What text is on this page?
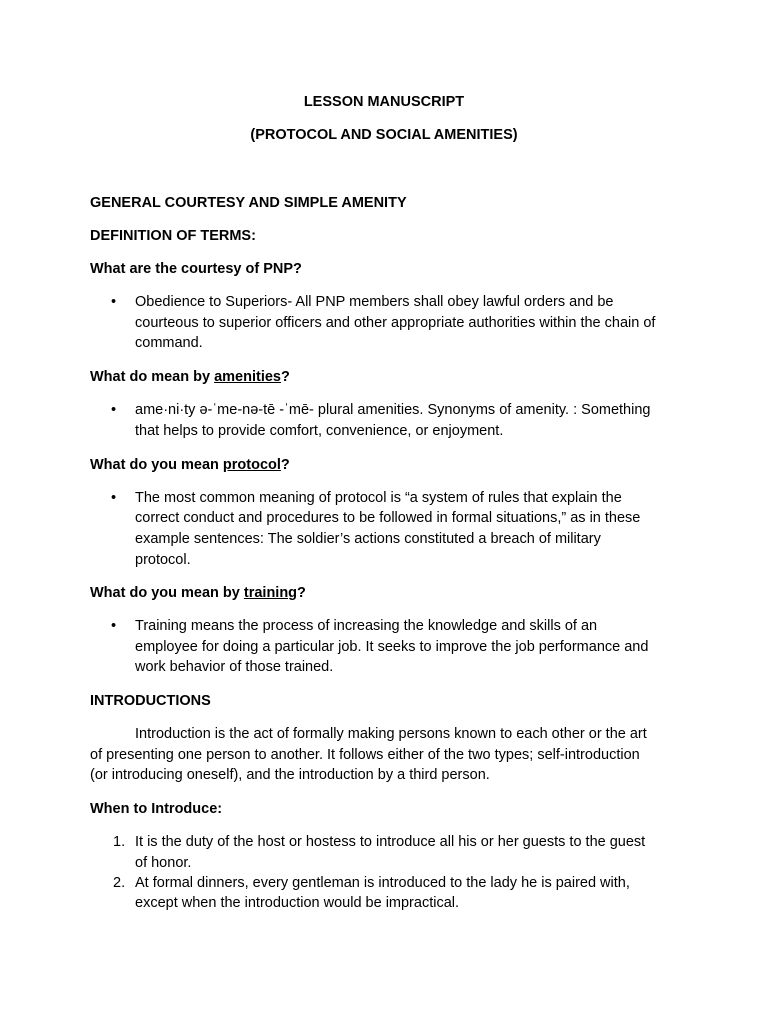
LESSON MANUSCRIPT
(PROTOCOL AND SOCIAL AMENITIES)
GENERAL COURTESY AND SIMPLE AMENITY
DEFINITION OF TERMS:
What are the courtesy of PNP?
• Obedience to Superiors- All PNP members shall obey lawful orders and be
courteous to superior officers and other appropriate authorities within the chain of
command.
What do mean by amenities?
• ame·ni·ty ə-ˈme-nə-tē -ˈmē- plural amenities. Synonyms of amenity. : Something
that helps to provide comfort, convenience, or enjoyment.
What do you mean protocol?
• The most common meaning of protocol is “a system of rules that explain the
correct conduct and procedures to be followed in formal situations,” as in these
example sentences: The soldier’s actions constituted a breach of military
protocol.
What do you mean by training?
• Training means the process of increasing the knowledge and skills of an
employee for doing a particular job. It seeks to improve the job performance and
work behavior of those trained.
INTRODUCTIONS
Introduction is the act of formally making persons known to each other or the art
of presenting one person to another. It follows either of the two types; self-introduction
(or introducing oneself), and the introduction by a third person.
When to Introduce:
1. It is the duty of the host or hostess to introduce all his or her guests to the guest
of honor.
2. At formal dinners, every gentleman is introduced to the lady he is paired with,
except when the introduction would be impractical.
